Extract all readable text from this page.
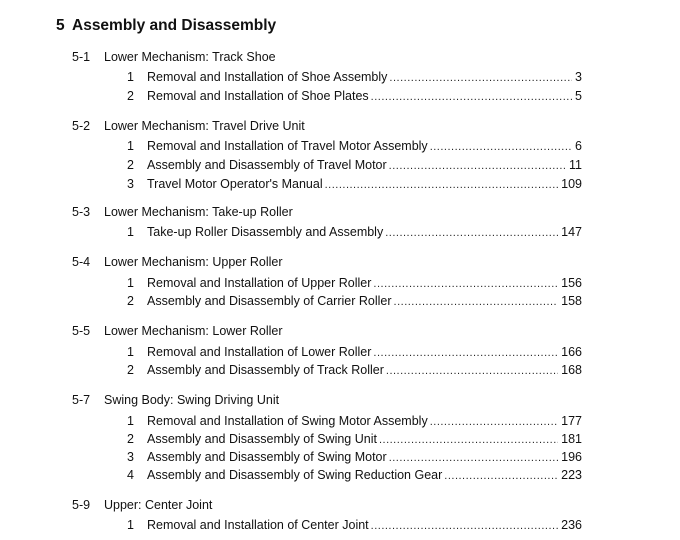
5 Assembly and Disassembly
5-1 Lower Mechanism: Track Shoe
1	Removal and Installation of Shoe Assembly .....	3
2	Removal and Installation of Shoe Plates .....	5
5-2 Lower Mechanism: Travel Drive Unit
1	Removal and Installation of Travel Motor Assembly .....	6
2	Assembly and Disassembly of Travel Motor .....	11
3	Travel Motor Operator's Manual .....	109
5-3 Lower Mechanism: Take-up Roller
1	Take-up Roller Disassembly and Assembly .....	147
5-4 Lower Mechanism: Upper Roller
1	Removal and Installation of Upper Roller .....	156
2	Assembly and Disassembly of Carrier Roller .....	158
5-5 Lower Mechanism: Lower Roller
1	Removal and Installation of Lower Roller .....	166
2	Assembly and Disassembly of Track Roller .....	168
5-7 Swing Body: Swing Driving Unit
1	Removal and Installation of Swing Motor Assembly .....	177
2	Assembly and Disassembly of Swing Unit .....	181
3	Assembly and Disassembly of Swing Motor .....	196
4	Assembly and Disassembly of Swing Reduction Gear .....	223
5-9 Upper: Center Joint
1	Removal and Installation of Center Joint .....	236
